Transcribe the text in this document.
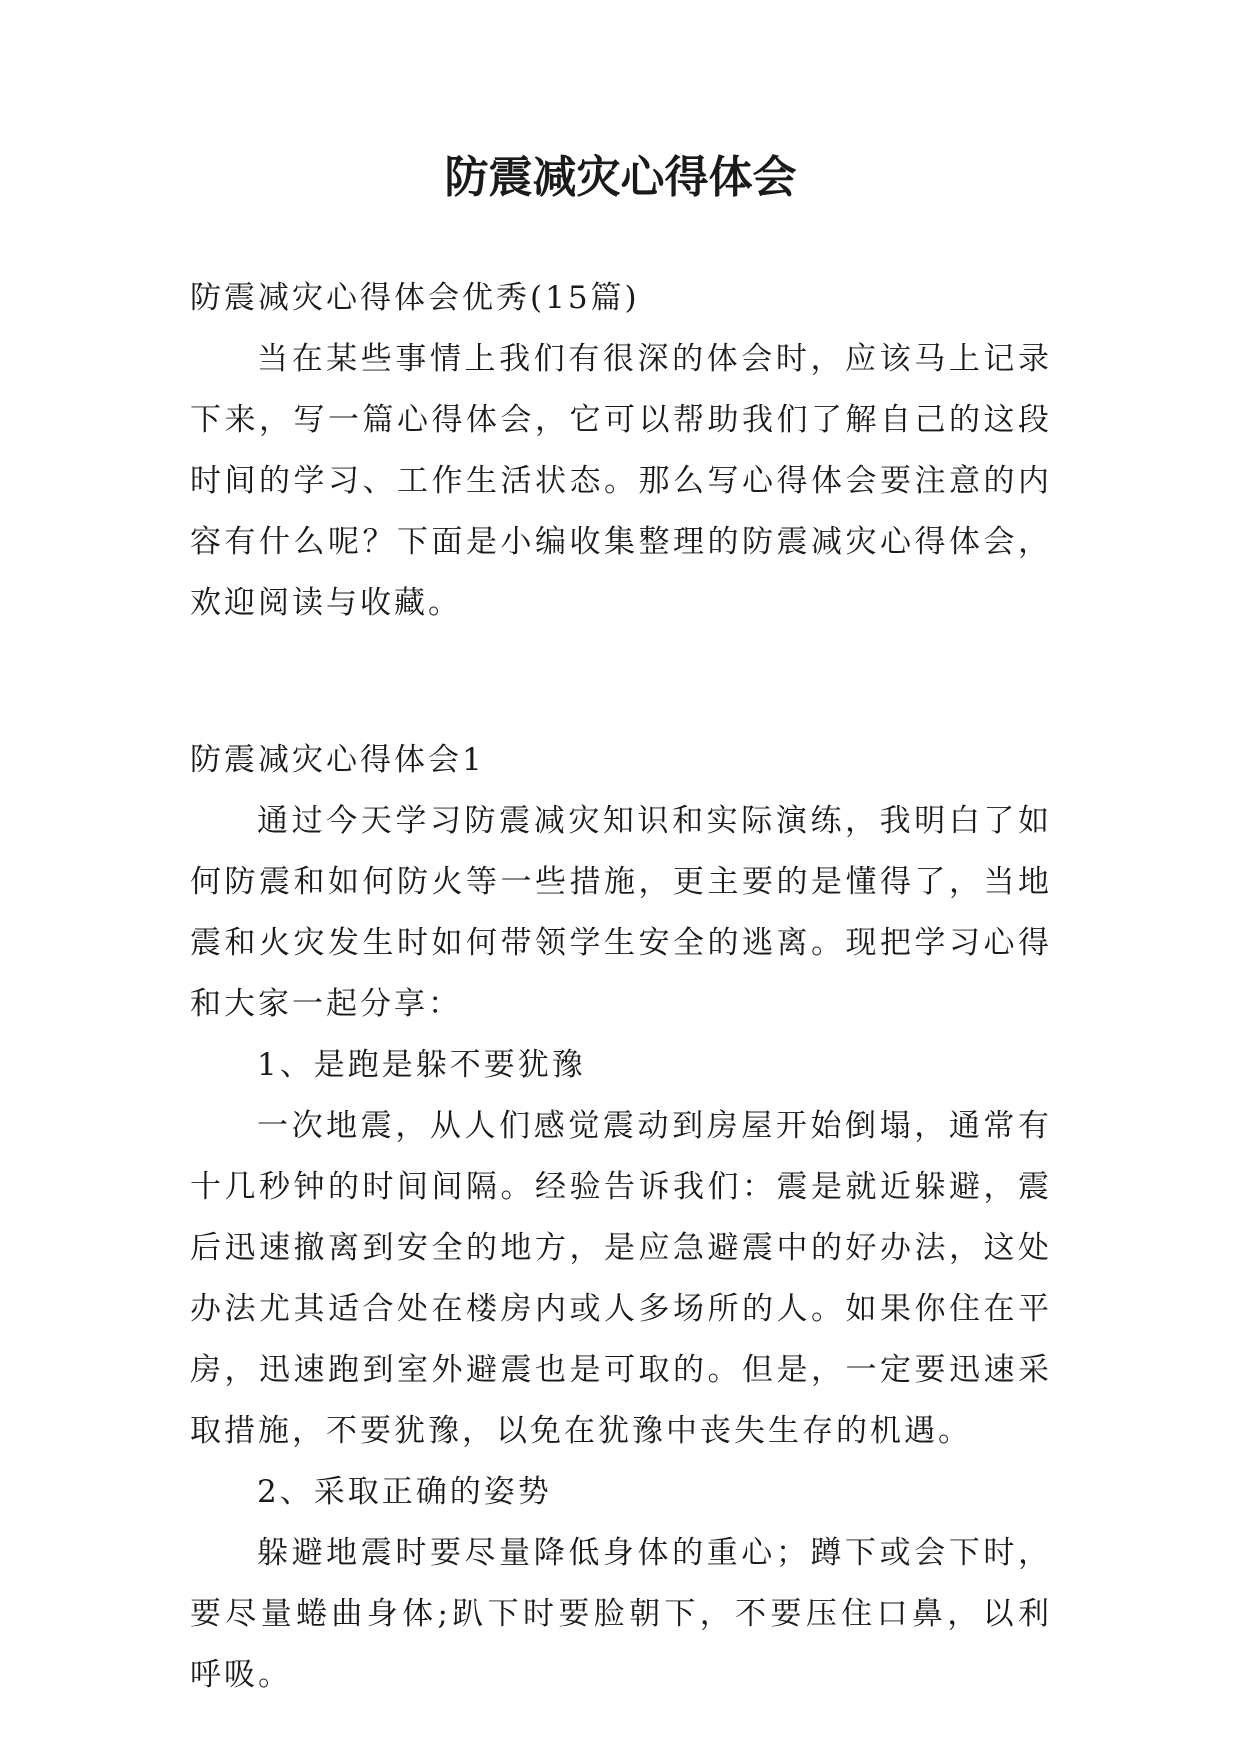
防震减灾心得体会

防震减灾心得体会优秀(15篇)

当在某些事情上我们有很深的体会时，应该马上记录下来，写一篇心得体会，它可以帮助我们了解自己的这段时间的学习、工作生活状态。那么写心得体会要注意的内容有什么呢？下面是小编收集整理的防震减灾心得体会，欢迎阅读与收藏。

防震减灾心得体会1

通过今天学习防震减灾知识和实际演练，我明白了如何防震和如何防火等一些措施，更主要的是懂得了，当地震和火灾发生时如何带领学生安全的逃离。现把学习心得和大家一起分享：

1、是跑是躲不要犹豫

一次地震，从人们感觉震动到房屋开始倒塌，通常有十几秒钟的时间间隔。经验告诉我们：震是就近躲避，震后迅速撤离到安全的地方，是应急避震中的好办法，这处办法尤其适合处在楼房内或人多场所的人。如果你住在平房，迅速跑到室外避震也是可取的。但是，一定要迅速采取措施，不要犹豫，以免在犹豫中丧失生存的机遇。

2、采取正确的姿势

躲避地震时要尽量降低身体的重心；蹲下或会下时，要尽量蜷曲身体;趴下时要脸朝下，不要压住口鼻，以利呼吸。
